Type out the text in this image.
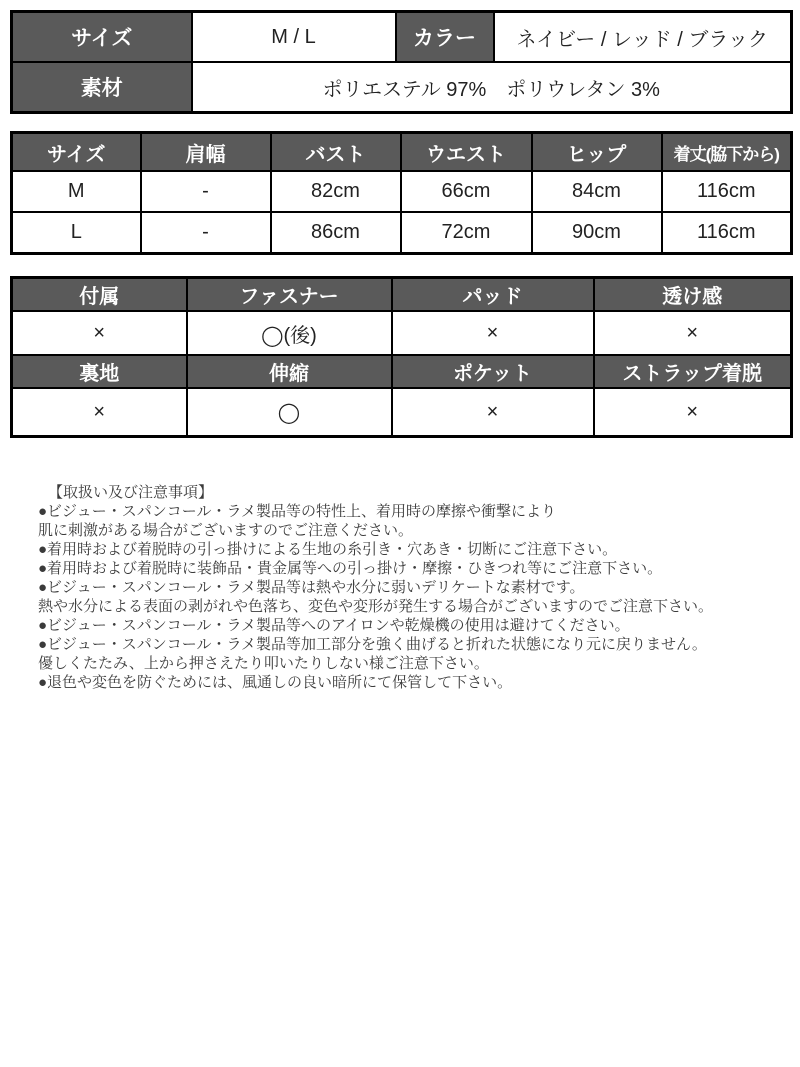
サイズ	M / L	カラー	ネイビー / レッド / ブラック
素材	ポリエステル 97%　ポリウレタン 3%		
サイズ	肩幅	バスト	ウエスト	ヒップ	着丈(脇下から)
M	-	82cm	66cm	84cm	116cm
L	-	86cm	72cm	90cm	116cm
付属	ファスナー	パッド	透け感
×	◯(後)	×	×
裏地	伸縮	ポケット	ストラップ着脱
×	◯	×	×
【取扱い及び注意事項】
●ビジュー・スパンコール・ラメ製品等の特性上、着用時の摩擦や衝撃により
肌に刺激がある場合がございますのでご注意ください。
●着用時および着脱時の引っ掛けによる生地の糸引き・穴あき・切断にご注意下さい。
●着用時および着脱時に装飾品・貴金属等への引っ掛け・摩擦・ひきつれ等にご注意下さい。
●ビジュー・スパンコール・ラメ製品等は熱や水分に弱いデリケートな素材です。
熱や水分による表面の剥がれや色落ち、変色や変形が発生する場合がございますのでご注意下さい。
●ビジュー・スパンコール・ラメ製品等へのアイロンや乾燥機の使用は避けてください。
●ビジュー・スパンコール・ラメ製品等加工部分を強く曲げると折れた状態になり元に戻りません。
優しくたたみ、上から押さえたり叩いたりしない様ご注意下さい。
●退色や変色を防ぐためには、風通しの良い暗所にて保管して下さい。
